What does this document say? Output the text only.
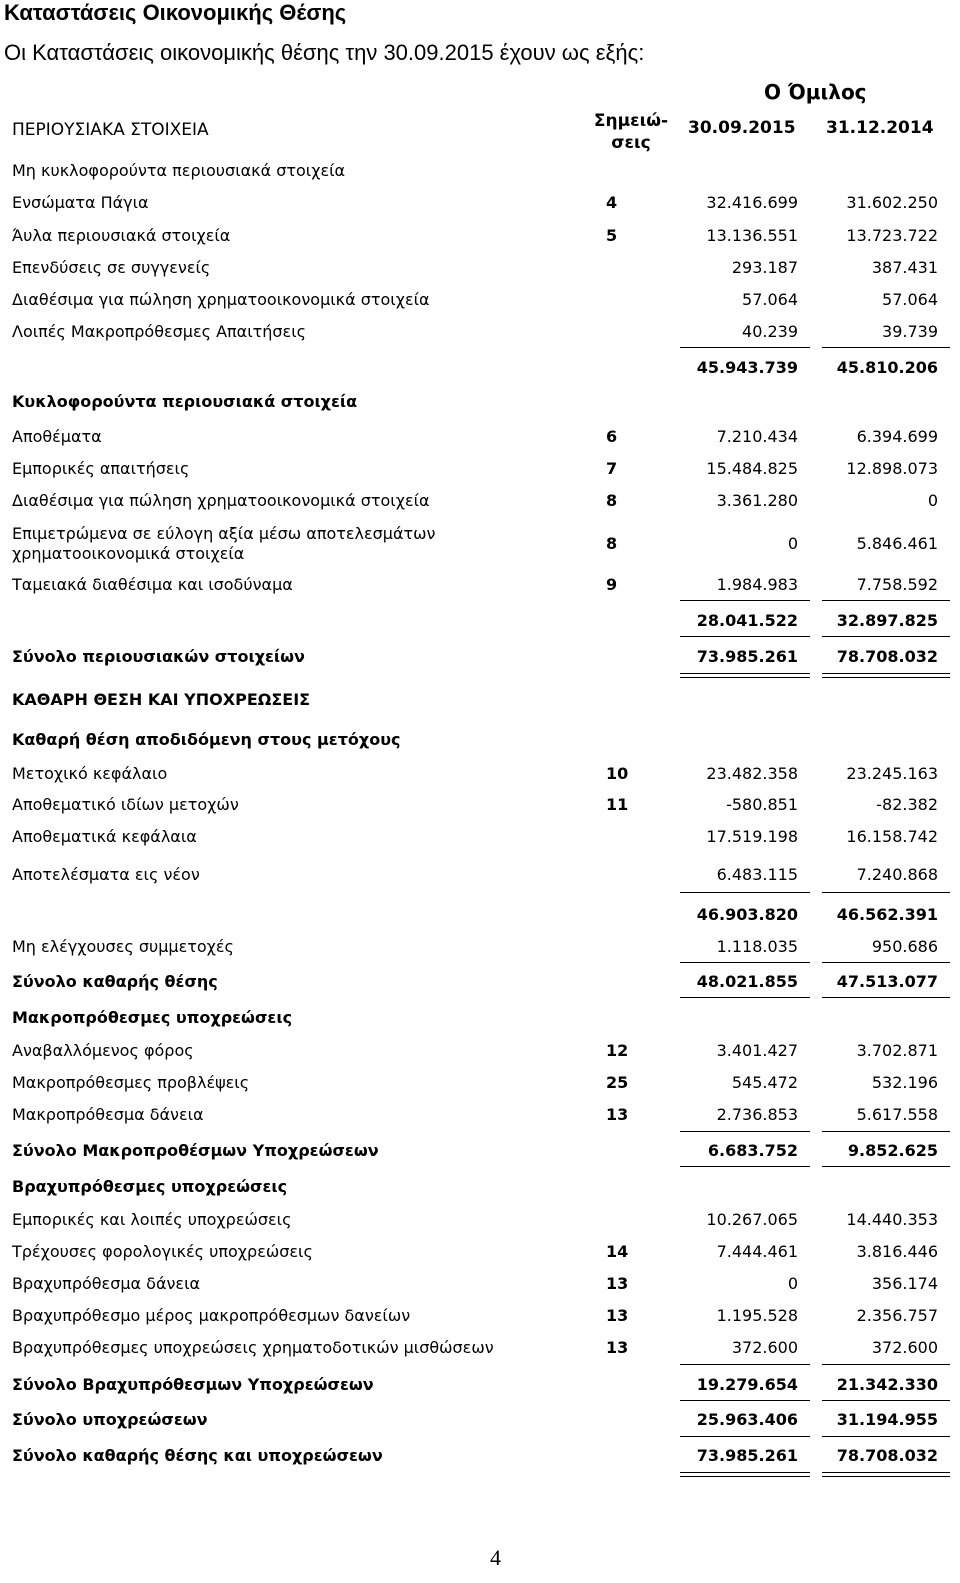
Καταστάσεις Οικονομικής Θέσης
Οι Καταστάσεις οικονομικής θέσης την 30.09.2015 έχουν ως εξής:
Ο Όμιλος
ΠΕΡΙΟΥΣΙΑΚΑ ΣΤΟΙΧΕΙΑ	Σημειώ-
σεις
30.09.2015 31.12.2014
Μη κυκλοφορούντα περιουσιακά στοιχεία
Ενσώματα Πάγια	4	32.416.699	31.602.250
Άυλα περιουσιακά στοιχεία	5	13.136.551	13.723.722
Επενδύσεις σε συγγενείς	293.187	387.431
Διαθέσιμα για πώληση χρηματοοικονομικά στοιχεία	57.064	57.064
Λοιπές Μακροπρόθεσμες Απαιτήσεις	40.239	39.739
45.943.739 45.810.206
Κυκλοφορούντα περιουσιακά στοιχεία
Αποθέματα	6	7.210.434	6.394.699
Εμπορικές απαιτήσεις	7	15.484.825	12.898.073
Διαθέσιμα για πώληση χρηματοοικονομικά στοιχεία	8	3.361.280	0
Επιμετρώμενα σε εύλογη αξία μέσω αποτελεσμάτων
χρηματοοικονομικά στοιχεία
8	0	5.846.461
Ταμειακά διαθέσιμα και ισοδύναμα	9	1.984.983	7.758.592
28.041.522 32.897.825
Σύνολο περιουσιακών στοιχείων	73.985.261 78.708.032
ΚΑΘΑΡΗ ΘΕΣΗ ΚΑΙ ΥΠΟΧΡΕΩΣΕΙΣ
Καθαρή θέση αποδιδόμενη στους μετόχους
Μετοχικό κεφάλαιο	10	23.482.358	23.245.163
Αποθεματικό ιδίων μετοχών	11	-580.851	-82.382
Αποθεματικά κεφάλαια	17.519.198	16.158.742
Αποτελέσματα εις νέον	6.483.115	7.240.868
46.903.820 46.562.391
Μη ελέγχουσες συμμετοχές	1.118.035	950.686
Σύνολο καθαρής θέσης	48.021.855 47.513.077
Μακροπρόθεσμες υποχρεώσεις
Αναβαλλόμενος φόρος	12	3.401.427	3.702.871
Μακροπρόθεσμες προβλέψεις	25	545.472	532.196
Μακροπρόθεσμα δάνεια	13	2.736.853	5.617.558
Σύνολο Μακροπροθέσμων Υποχρεώσεων	6.683.752	9.852.625
Βραχυπρόθεσμες υποχρεώσεις
Εμπορικές και λοιπές υποχρεώσεις	10.267.065	14.440.353
Τρέχουσες φορολογικές υποχρεώσεις	14	7.444.461	3.816.446
Βραχυπρόθεσμα δάνεια	13	0	356.174
Βραχυπρόθεσμο μέρος μακροπρόθεσμων δανείων	13	1.195.528	2.356.757
Βραχυπρόθεσμες υποχρεώσεις χρηματοδοτικών μισθώσεων	13	372.600	372.600
Σύνολο Βραχυπρόθεσμων Υποχρεώσεων	19.279.654 21.342.330
Σύνολο υποχρεώσεων	25.963.406 31.194.955
Σύνολο καθαρής θέσης και υποχρεώσεων	73.985.261 78.708.032
4
